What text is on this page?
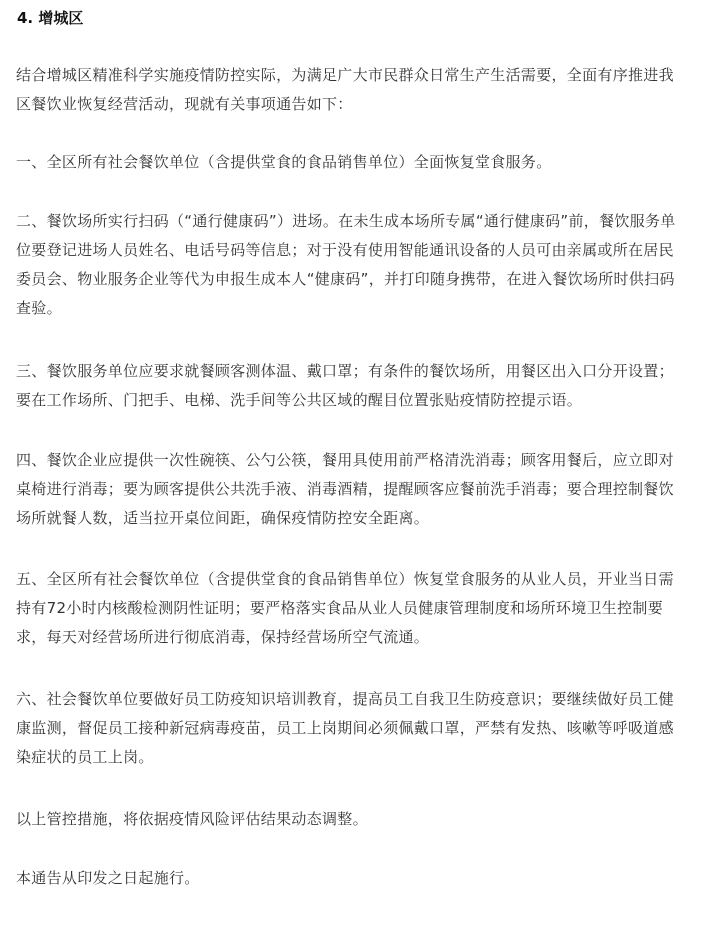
4. 增城区
结合增城区精准科学实施疫情防控实际，为满足广大市民群众日常生产生活需要，全面有序推进我
区餐饮业恢复经营活动，现就有关事项通告如下：
一、全区所有社会餐饮单位（含提供堂食的食品销售单位）全面恢复堂食服务。
二、餐饮场所实行扫码（“通行健康码”）进场。在未生成本场所专属“通行健康码”前，餐饮服务单
位要登记进场人员姓名、电话号码等信息；对于没有使用智能通讯设备的人员可由亲属或所在居民
委员会、物业服务企业等代为申报生成本人“健康码”，并打印随身携带，在进入餐饮场所时供扫码
查验。
三、餐饮服务单位应要求就餐顾客测体温、戴口罩；有条件的餐饮场所，用餐区出入口分开设置；
要在工作场所、门把手、电梯、洗手间等公共区域的醒目位置张贴疫情防控提示语。
四、餐饮企业应提供一次性碗筷、公勺公筷，餐用具使用前严格清洗消毒；顾客用餐后，应立即对
桌椅进行消毒；要为顾客提供公共洗手液、消毒酒精，提醒顾客应餐前洗手消毒；要合理控制餐饮
场所就餐人数，适当拉开桌位间距，确保疫情防控安全距离。
五、全区所有社会餐饮单位（含提供堂食的食品销售单位）恢复堂食服务的从业人员，开业当日需
持有72小时内核酸检测阴性证明；要严格落实食品从业人员健康管理制度和场所环境卫生控制要
求，每天对经营场所进行彻底消毒，保持经营场所空气流通。
六、社会餐饮单位要做好员工防疫知识培训教育，提高员工自我卫生防疫意识；要继续做好员工健
康监测，督促员工接种新冠病毒疫苗，员工上岗期间必须佩戴口罩，严禁有发热、咳嗽等呼吸道感
染症状的员工上岗。
以上管控措施，将依据疫情风险评估结果动态调整。
本通告从印发之日起施行。
